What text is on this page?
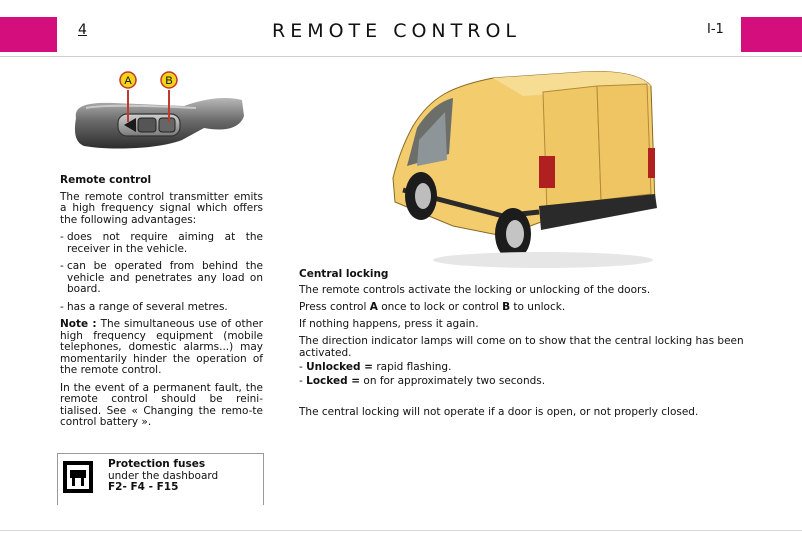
4	REMOTE CONTROL	I-1
A	B

Remote control

The remote control transmitter emits a high frequency signal which offers the following advantages:

- does not require aiming at the receiver in the vehicle.
- can be operated from behind the vehicle and penetrates any load on board.
- has a range of several metres.

Note : The simultaneous use of other high frequency equipment (mobile telephones, domestic alarms...) may momentarily hinder the operation of the remote control.

In the event of a permanent fault, the remote control should be reini-tialised. See « Changing the remo-te control battery ».

Central locking

The remote controls activate the locking or unlocking of the doors.

Press control A once to lock or control B to unlock.

If nothing happens, press it again.

The direction indicator lamps will come on to show that the central locking has been activated.

- Unlocked = rapid flashing.

- Locked = on for approximately two seconds.

The central locking will not operate if a door is open, or not properly closed.

Protection fuses
under the dashboard
F2- F4 - F15
